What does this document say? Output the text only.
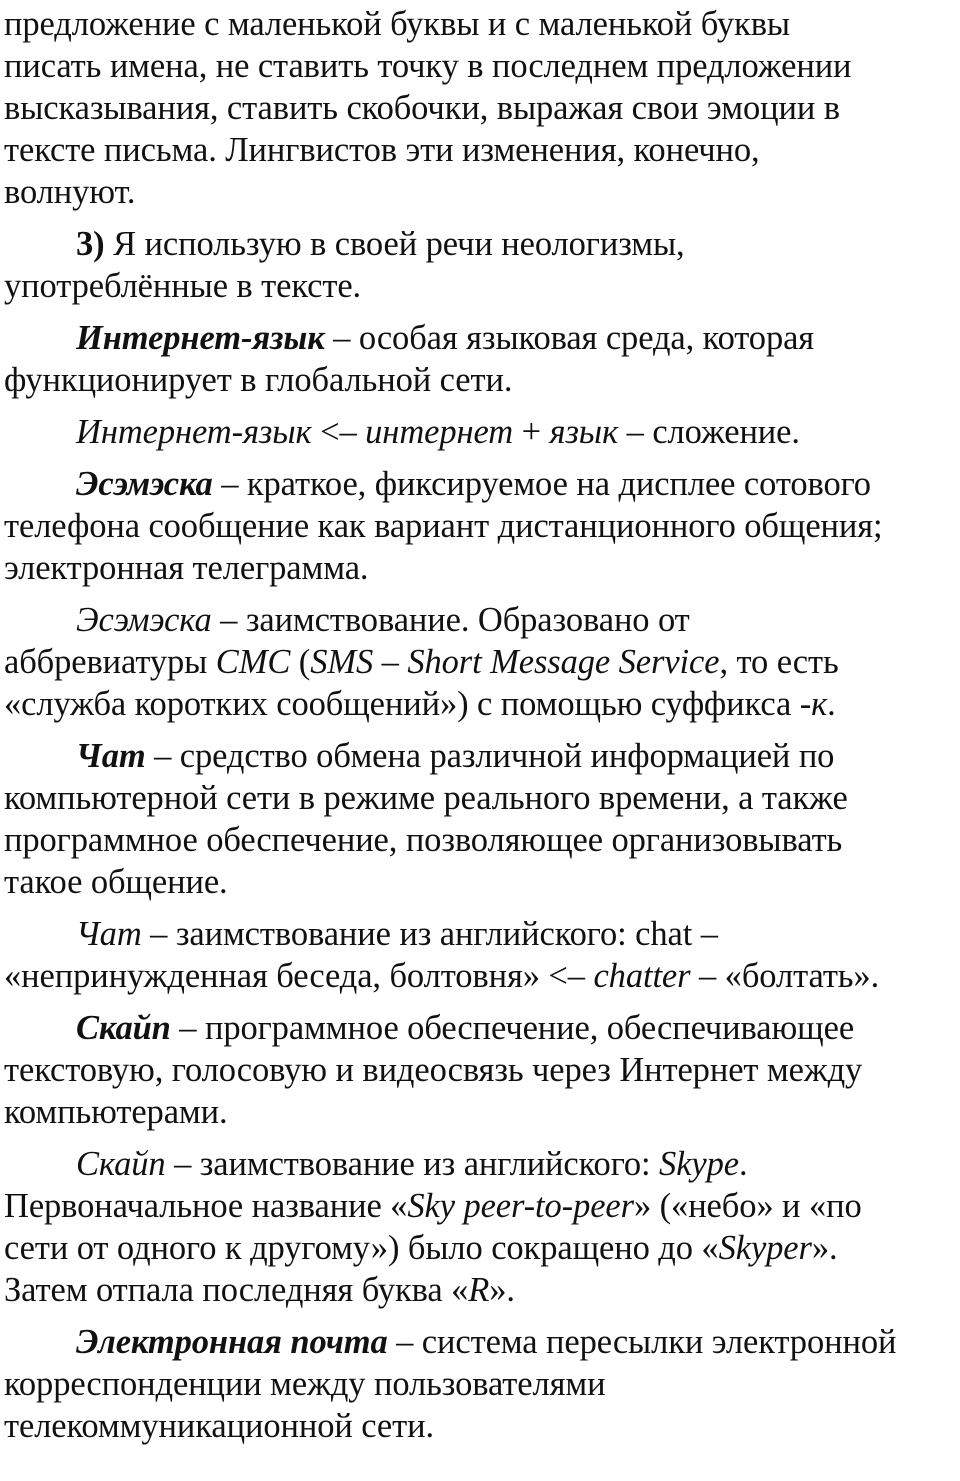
предложение с маленькой буквы и с маленькой буквы
писать имена, не ставить точку в последнем предложении
высказывания, ставить скобочки, выражая свои эмоции в
тексте письма. Лингвистов эти изменения, конечно,
волнуют.
3) Я использую в своей речи неологизмы,
употреблённые в тексте.
Интернет-язык – особая языковая среда, которая
функционирует в глобальной сети.
Интернет-язык <– интернет + язык – сложение.
Эсэмэска – краткое, фиксируемое на дисплее сотового
телефона сообщение как вариант дистанционного общения;
электронная телеграмма.
Эсэмэска – заимствование. Образовано от
аббревиатуры СМС (SMS – Short Message Service, то есть
«служба коротких сообщений») с помощью суффикса -к.
Чат – средство обмена различной информацией по
компьютерной сети в режиме реального времени, а также
программное обеспечение, позволяющее организовывать
такое общение.
Чат – заимствование из английского: chat –
«непринужденная беседа, болтовня» <– chatter – «болтать».
Скайп – программное обеспечение, обеспечивающее
текстовую, голосовую и видеосвязь через Интернет между
компьютерами.
Скайп – заимствование из английского: Skype.
Первоначальное название «Sky peer-to-peer» («небо» и «по
сети от одного к другому») было сокращено до «Skyper».
Затем отпала последняя буква «R».
Электронная почта – система пересылки электронной
корреспонденции между пользователями
телекоммуникационной сети.
